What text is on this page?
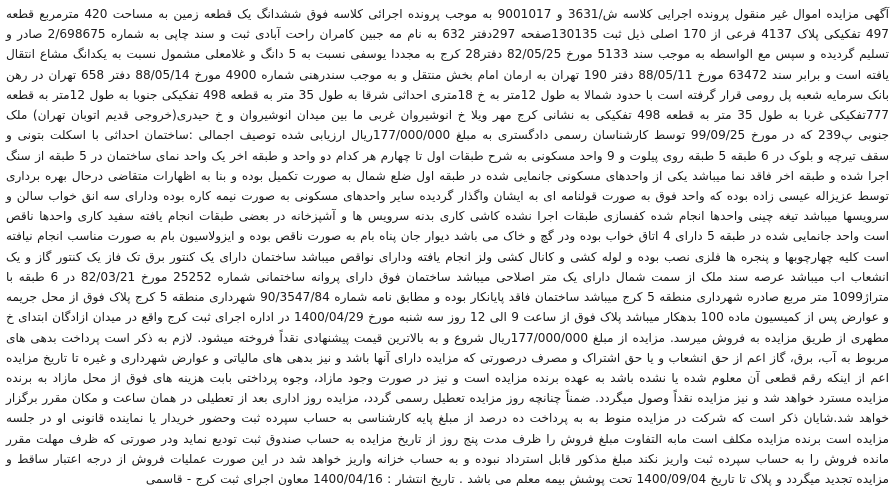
آگهی مزایده اموال غیر منقول پرونده اجرایی کلاسه ش/3631 و 9001017 به موجب پرونده اجرائی کلاسه فوق ششدانگ یک قطعه زمین به مساحت 420 مترمربع قطعه 497 تفکیکی پلاک 4137 فرعی از 170 اصلی ذیل ثبت 130135صفحه 297دفتر 632 به نام مه جبین کامران راحت آبادی ثبت و سند چاپی به شماره 2/698675 صادر و تسلیم گردیده و سپس مع الواسطه به موجب سند 5133 مورخ 82/05/25 دفتر28 کرج به مجددا یوسفی نسبت به 5 دانگ و غلامعلی مشمول نسبت به یکدانگ مشاع انتقال یافته است و برابر سند 63472 مورخ 88/05/11 دفتر 190 تهران به ارمان امام بخش منتقل و به موجب سندرهنی شماره 4900 مورخ 88/05/14 دفتر 658 تهران در رهن بانک سرمایه شعبه پل رومی قرار گرفته است با حدود شمالا به طول 12متر به خ 18متری احداثی شرقا به طول 35 متر به قطعه 498 تفکیکی جنوبا به طول 12متر به قطعه 777تفکیکی غربا به طول 35 متر به قطعه 498 تفکیکی به نشانی کرج مهر ویلا خ انوشیروان غربی ما بین میدان انوشیروان و خ حیدری(خروجی قدیم اتوبان تهران) ملک جنوبی پ239 که در مورخ 99/09/25 توسط کارشناسان رسمی دادگستری به مبلغ 177/000/000ریال ارزیابی شده توصیف اجمالی :ساختمان احداثی با اسکلت بتونی و سقف تیرچه و بلوک در 6 طبقه 5 طبقه روی پیلوت و 9 واحد مسکونی به شرح طبقات اول تا چهارم هر کدام دو واحد و طبقه اخر یک واحد نمای ساختمان در 5 طبقه از سنگ اجرا شده و طبقه اخر فاقد نما میباشد یکی از واحدهای مسکونی جانمایی شده در طبقه اول ضلع شمال به صورت تکمیل بوده و بنا به اظهارات متقاضی درحال بهره برداری توسط عزیزاله عیسی زاده بوده که واحد فوق به صورت قولنامه ای به ایشان واگذار گردیده سایر واحدهای مسکونی به صورت نیمه کاره بوده ودارای سه انق خواب سالن و سرویسها میباشد تیغه چینی واحدها انجام شده کفسازی طبقات اجرا نشده کاشی کاری بدنه سرویس ها و آشپزخانه در بعضی طبقات انجام یافته سفید کاری واحدها ناقص است واحد جانمایی شده در طبقه 5 دارای 4 اتاق خواب بوده ودر گچ و خاک می باشد دیوار جان پناه بام به صورت ناقص بوده و ایزولاسیون بام به صورت مناسب انجام نیافته است کلیه چهارچوبها و پنجره ها فلزی نصب بوده و لوله کشی و کانال کشی ولز انجام یافته ودارای نواقص میباشد ساختمان دارای یک کنتور برق تک فاز یک کنتور گاز و یک انشعاب اب میباشد عرصه سند ملک از سمت شمال دارای یک متر اصلاحی میباشد ساختمان فوق دارای پروانه ساختمانی شماره 25252 مورخ 82/03/21 در 6 طبقه با متراژ1099 متر مربع صادره شهرداری منطقه 5 کرج میباشد ساختمان فاقد پایانکار بوده و مطابق نامه شماره 90/3547/84 شهرداری منطقه 5 کرج پلاک فوق از محل جریمه و عوارض پس از کمیسیون ماده 100 بدهکار میباشد پلاک فوق از ساعت 9 الی 12 روز سه شنبه مورخ 1400/04/29 در اداره اجرای ثبت کرج واقع در میدان ازادگان ابتدای خ مطهری از طریق مزایده به فروش میرسد. مزایده از مبلغ 177/000/000ریال شروع و به بالاترین قیمت پیشنهادی نقداً فروخته میشود. لازم به ذکر است پرداخت بدهی های مربوط به آب، برق، گاز اعم از حق انشعاب و یا حق اشتراک و مصرف درصورتی که مزایده دارای آنها باشد و نیز بدهی های مالیاتی و عوارض شهرداری و غیره تا تاریخ مزایده اعم از اینکه رقم قطعی آن معلوم شده یا نشده باشد به عهده برنده مزایده است و نیز در صورت وجود مازاد، وجوه پرداختی بابت هزینه های فوق از محل مازاد به برنده مزایده مسترد خواهد شد و نیز مزایده نقداً وصول میگردد. ضمناً چنانچه روز مزایده تعطیل رسمی گردد، مزایده روز اداری بعد از تعطیلی در همان ساعت و مکان مقرر برگزار خواهد شد.شایان ذکر است که شرکت در مزایده منوط به به پرداخت ده درصد از مبلغ پایه کارشناسی به حساب سپرده ثبت وحضور خریدار یا نماینده قانونی او در جلسه مزایده است برنده مزایده مکلف است مابه التفاوت مبلغ فروش را ظرف مدت پنج روز از تاریخ مزایده به حساب صندوق ثبت تودیع نماید ودر صورتی که ظرف مهلت مقرر مانده فروش را به حساب سپرده ثبت واریز نکند مبلغ مذکور قابل استرداد نبوده و به حساب خزانه واریز خواهد شد در این صورت عملیات فروش از درجه اعتبار ساقط و مزایده تجدید میگردد و پلاک تا تاریخ 1400/09/04 تحت پوشش بیمه معلم می باشد . تاریخ انتشار : 1400/04/16 معاون اجرای ثبت کرج - قاسمی
